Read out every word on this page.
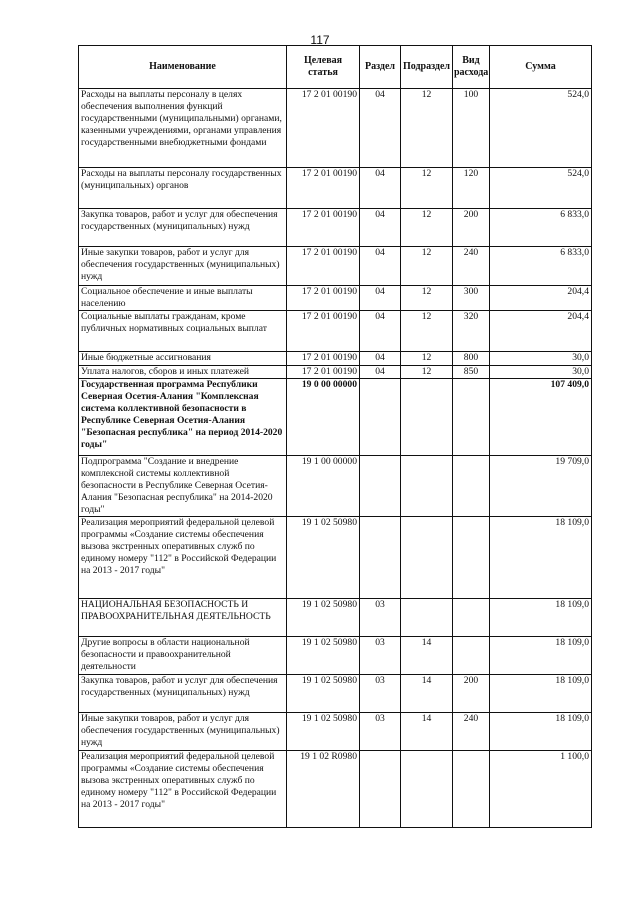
117
Наименование	Целевая статья	Раздел	Подраздел	Вид расхода	Сумма
Расходы на выплаты персоналу в целях обеспечения выполнения функций государственными (муниципальными) органами, казенными учреждениями, органами управления государственными внебюджетными фондами	17 2 01 00190	04	12	100	524,0
Расходы на выплаты персоналу государственных (муниципальных) органов	17 2 01 00190	04	12	120	524,0
Закупка товаров, работ и услуг для обеспечения государственных (муниципальных) нужд	17 2 01 00190	04	12	200	6 833,0
Иные закупки товаров, работ и услуг для обеспечения государственных (муниципальных) нужд	17 2 01 00190	04	12	240	6 833,0
Социальное обеспечение и иные выплаты населению	17 2 01 00190	04	12	300	204,4
Социальные выплаты гражданам, кроме публичных нормативных социальных выплат	17 2 01 00190	04	12	320	204,4
Иные бюджетные ассигнования	17 2 01 00190	04	12	800	30,0
Уплата налогов, сборов и иных платежей	17 2 01 00190	04	12	850	30,0
Государственная программа Республики Северная Осетия-Алания "Комплексная система коллективной безопасности в Республике Северная Осетия-Алания "Безопасная республика" на период 2014-2020 годы"	19 0 00 00000				107 409,0
Подпрограмма "Создание и внедрение комплексной системы коллективной безопасности в Республике Северная Осетия-Алания "Безопасная республика" на 2014-2020 годы"	19 1 00 00000				19 709,0
Реализация мероприятий федеральной целевой программы «Создание системы обеспечения вызова экстренных оперативных служб по единому номеру "112" в Российской Федерации на 2013 - 2017 годы"	19 1 02 50980				18 109,0
НАЦИОНАЛЬНАЯ БЕЗОПАСНОСТЬ И ПРАВООХРАНИТЕЛЬНАЯ ДЕЯТЕЛЬНОСТЬ	19 1 02 50980	03			18 109,0
Другие вопросы в области национальной безопасности и правоохранительной деятельности	19 1 02 50980	03	14		18 109,0
Закупка товаров, работ и услуг для обеспечения государственных (муниципальных) нужд	19 1 02 50980	03	14	200	18 109,0
Иные закупки товаров, работ и услуг для обеспечения государственных (муниципальных) нужд	19 1 02 50980	03	14	240	18 109,0
Реализация мероприятий федеральной целевой программы «Создание системы обеспечения вызова экстренных оперативных служб по единому номеру "112" в Российской Федерации на 2013 - 2017 годы"	19 1 02 R0980				1 100,0
